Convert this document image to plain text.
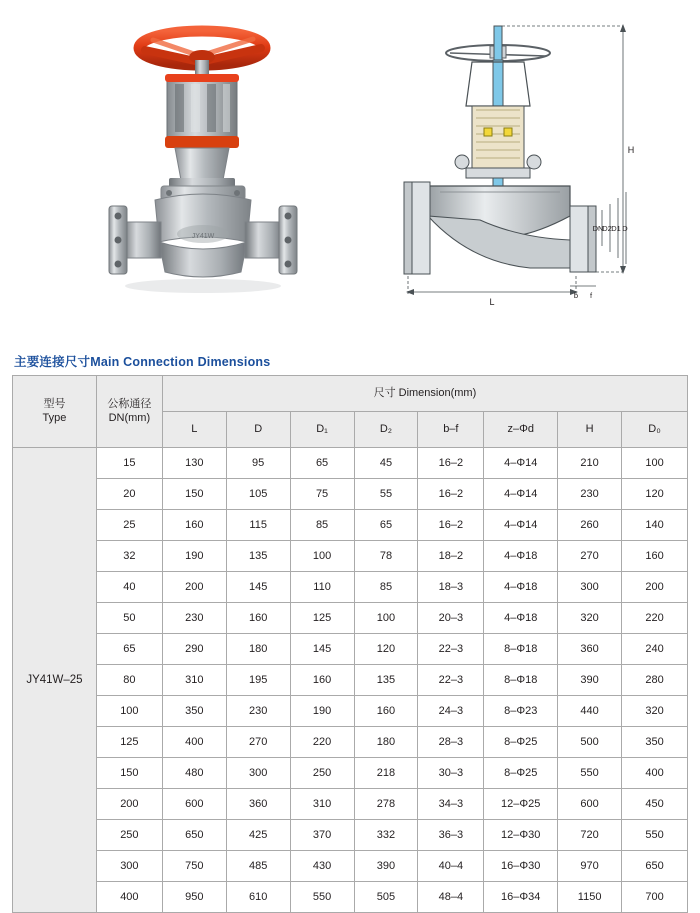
JY41W
H
DN
D2 D1 D
L
b f
主要连接尺寸Main Connection Dimensions
型号
Type

公称通径
DN(mm)
	尺寸 Dimension(mm)
		L	D	D₁	D₂	b–f	z–Φd	H	D₀
JY41W–25	15	130	95	65	45	16–2	4–Φ14	210	100
	20	150	105	75	55	16–2	4–Φ14	230	120
	25	160	115	85	65	16–2	4–Φ14	260	140
	32	190	135	100	78	18–2	4–Φ18	270	160
	40	200	145	110	85	18–3	4–Φ18	300	200
	50	230	160	125	100	20–3	4–Φ18	320	220
	65	290	180	145	120	22–3	8–Φ18	360	240
	80	310	195	160	135	22–3	8–Φ18	390	280
	100	350	230	190	160	24–3	8–Φ23	440	320
	125	400	270	220	180	28–3	8–Φ25	500	350
	150	480	300	250	218	30–3	8–Φ25	550	400
	200	600	360	310	278	34–3	12–Φ25	600	450
	250	650	425	370	332	36–3	12–Φ30	720	550
	300	750	485	430	390	40–4	16–Φ30	970	650
	400	950	610	550	505	48–4	16–Φ34	1150	700
